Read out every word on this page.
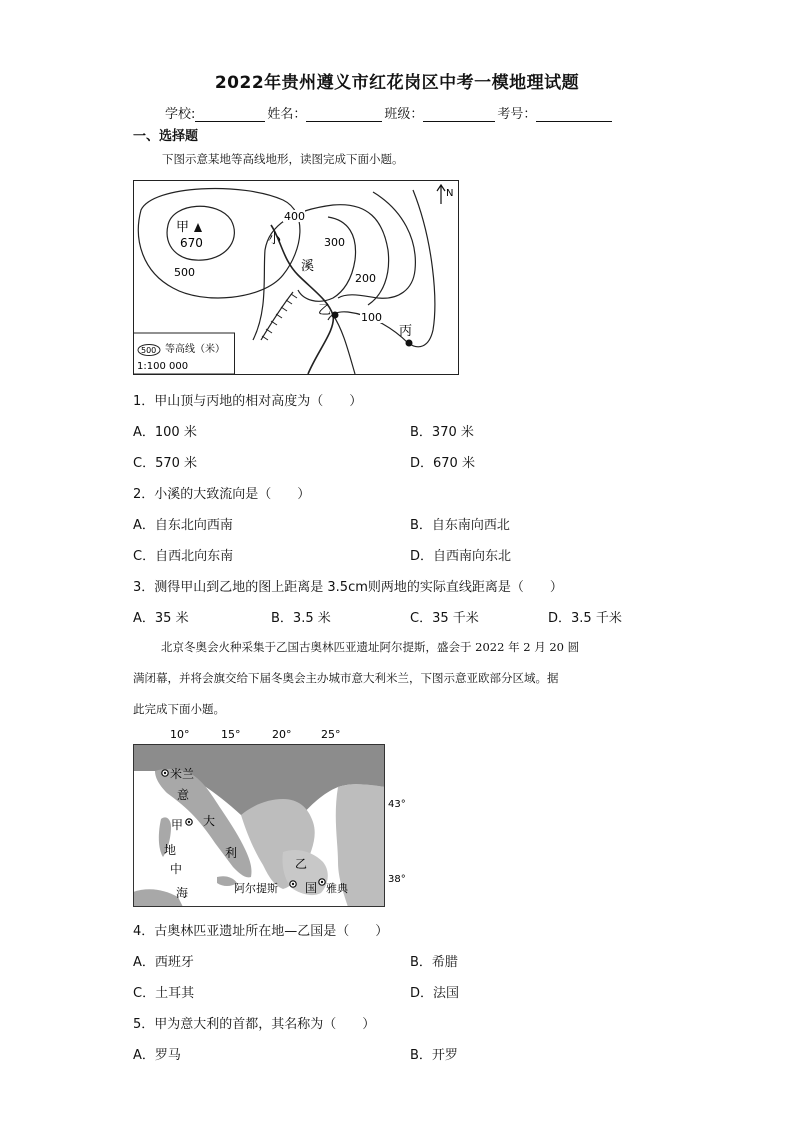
2022年贵州遵义市红花岗区中考一模地理试题
学校:	姓名：	班级：	考号：
一、选择题
下图示意某地等高线地形，读图完成下面小题。
甲
670
400
300
200
100
500
小
溪
乙
丙
N
500 等高线（米）
1:100 000
1．甲山顶与丙地的相对高度为（　　）
A．100 米	B．370 米
C．570 米	D．670 米
2．小溪的大致流向是（　　）
A．自东北向西南	B．自东南向西北
C．自西北向东南	D．自西南向东北
3．测得甲山到乙地的图上距离是 3.5cm则两地的实际直线距离是（　　）
A．35 米	B．3.5 米	C．35 千米	D．3.5 千米
北京冬奥会火种采集于乙国古奥林匹亚遗址阿尔提斯，盛会于 2022 年 2 月 20 圆
满闭幕，并将会旗交给下届冬奥会主办城市意大利米兰，下图示意亚欧部分区域。据
此完成下面小题。
10°	15°	20°	25°
43°
38°
米兰
意
大
利
甲
地
中
海
乙
国
阿尔提斯	雅典
4．古奥林匹亚遗址所在地—乙国是（　　）
A．西班牙	B．希腊
C．土耳其	D．法国
5．甲为意大利的首都，其名称为（　　）
A．罗马	B．开罗
